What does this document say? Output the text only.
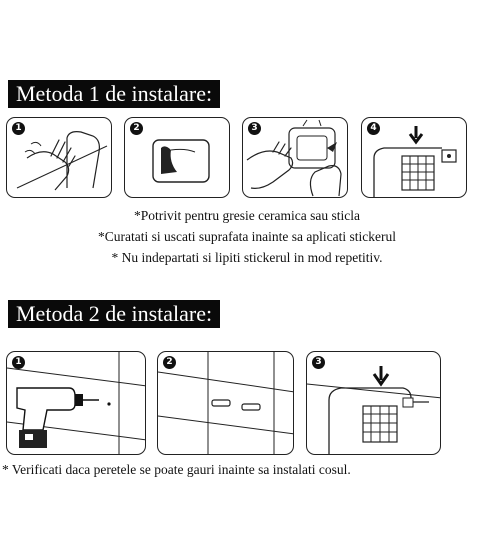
Metoda 1 de instalare:
1	2	3	4
*Potrivit pentru gresie ceramica sau sticla
*Curatati si uscati suprafata inainte sa aplicati stickerul
* Nu indepartati si lipiti stickerul in mod repetitiv.
Metoda 2 de instalare:
1	2	3
* Verificati daca peretele se poate gauri inainte sa instalati cosul.
